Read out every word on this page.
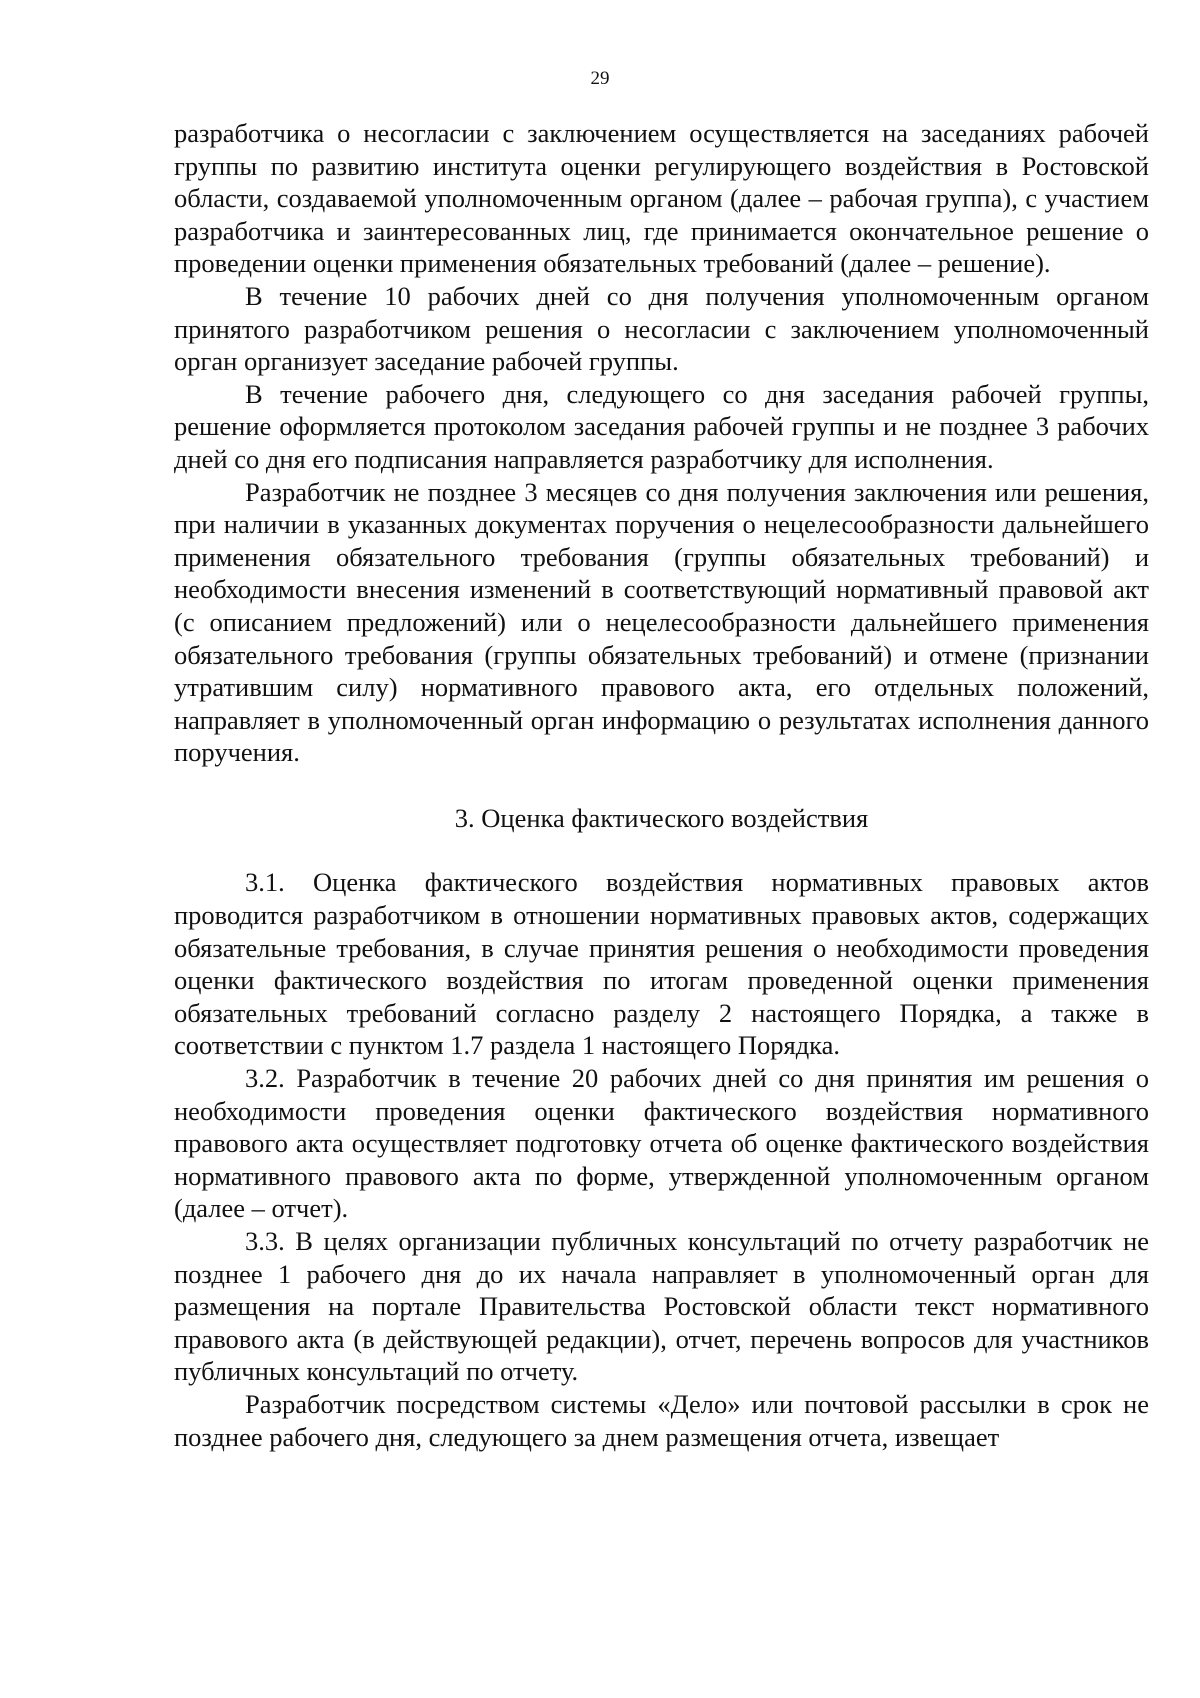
29

разработчика о несогласии с заключением осуществляется на заседаниях рабочей группы по развитию института оценки регулирующего воздействия в Ростовской области, создаваемой уполномоченным органом (далее – рабочая группа), с участием разработчика и заинтересованных лиц, где принимается окончательное решение о проведении оценки применения обязательных требований (далее – решение).

В течение 10 рабочих дней со дня получения уполномоченным органом принятого разработчиком решения о несогласии с заключением уполномоченный орган организует заседание рабочей группы.

В течение рабочего дня, следующего со дня заседания рабочей группы, решение оформляется протоколом заседания рабочей группы и не позднее 3 рабочих дней со дня его подписания направляется разработчику для исполнения.

Разработчик не позднее 3 месяцев со дня получения заключения или решения, при наличии в указанных документах поручения о нецелесообразности дальнейшего применения обязательного требования (группы обязательных требований) и необходимости внесения изменений в соответствующий нормативный правовой акт (с описанием предложений) или о нецелесообразности дальнейшего применения обязательного требования (группы обязательных требований) и отмене (признании утратившим силу) нормативного правового акта, его отдельных положений, направляет в уполномоченный орган информацию о результатах исполнения данного поручения.

3. Оценка фактического воздействия

3.1. Оценка фактического воздействия нормативных правовых актов проводится разработчиком в отношении нормативных правовых актов, содержащих обязательные требования, в случае принятия решения о необходимости проведения оценки фактического воздействия по итогам проведенной оценки применения обязательных требований согласно разделу 2 настоящего Порядка, а также в соответствии с пунктом 1.7 раздела 1 настоящего Порядка.

3.2. Разработчик в течение 20 рабочих дней со дня принятия им решения о необходимости проведения оценки фактического воздействия нормативного правового акта осуществляет подготовку отчета об оценке фактического воздействия нормативного правового акта по форме, утвержденной уполномоченным органом (далее – отчет).

3.3. В целях организации публичных консультаций по отчету разработчик не позднее 1 рабочего дня до их начала направляет в уполномоченный орган для размещения на портале Правительства Ростовской области текст нормативного правового акта (в действующей редакции), отчет, перечень вопросов для участников публичных консультаций по отчету.

Разработчик посредством системы «Дело» или почтовой рассылки в срок не позднее рабочего дня, следующего за днем размещения отчета, извещает
